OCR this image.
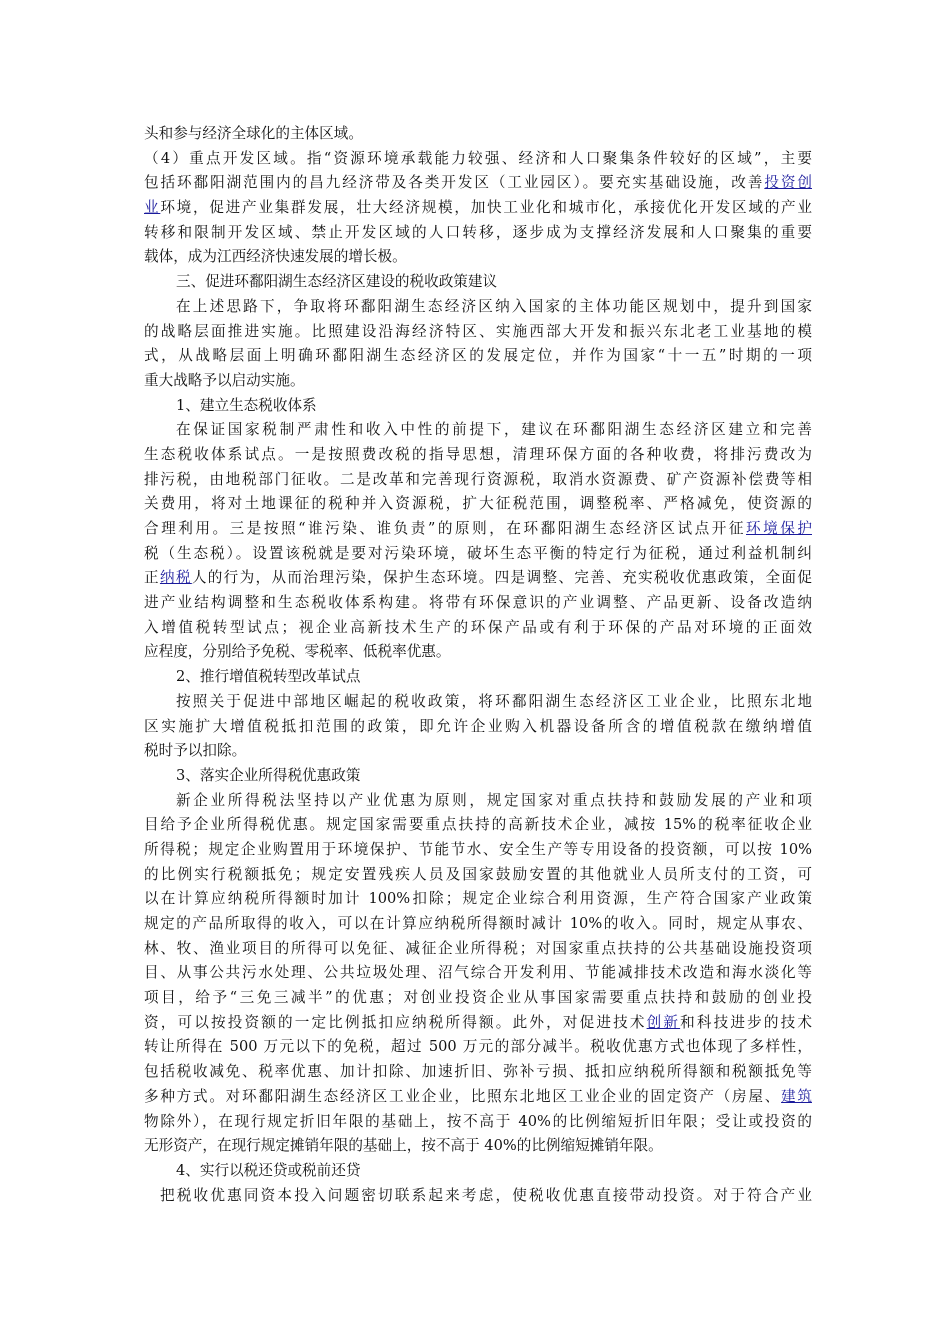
头和参与经济全球化的主体区域。
（4）重点开发区域。指“资源环境承载能力较强、经济和人口聚集条件较好的区域”，主要
包括环鄱阳湖范围内的昌九经济带及各类开发区（工业园区）。要充实基础设施，改善投资创
业环境，促进产业集群发展，壮大经济规模，加快工业化和城市化，承接优化开发区域的产业
转移和限制开发区域、禁止开发区域的人口转移，逐步成为支撑经济发展和人口聚集的重要
载体，成为江西经济快速发展的增长极。
三、促进环鄱阳湖生态经济区建设的税收政策建议
在上述思路下，争取将环鄱阳湖生态经济区纳入国家的主体功能区规划中，提升到国家
的战略层面推进实施。比照建设沿海经济特区、实施西部大开发和振兴东北老工业基地的模
式，从战略层面上明确环鄱阳湖生态经济区的发展定位，并作为国家“十一五”时期的一项
重大战略予以启动实施。
1、建立生态税收体系
在保证国家税制严肃性和收入中性的前提下，建议在环鄱阳湖生态经济区建立和完善
生态税收体系试点。一是按照费改税的指导思想，清理环保方面的各种收费，将排污费改为
排污税，由地税部门征收。二是改革和完善现行资源税，取消水资源费、矿产资源补偿费等相
关费用，将对土地课征的税种并入资源税，扩大征税范围，调整税率、严格减免，使资源的
合理利用。三是按照“谁污染、谁负责”的原则，在环鄱阳湖生态经济区试点开征环境保护
税（生态税）。设置该税就是要对污染环境，破坏生态平衡的特定行为征税，通过利益机制纠
正纳税人的行为，从而治理污染，保护生态环境。四是调整、完善、充实税收优惠政策，全面促
进产业结构调整和生态税收体系构建。将带有环保意识的产业调整、产品更新、设备改造纳
入增值税转型试点；视企业高新技术生产的环保产品或有利于环保的产品对环境的正面效
应程度，分别给予免税、零税率、低税率优惠。
2、推行增值税转型改革试点
按照关于促进中部地区崛起的税收政策，将环鄱阳湖生态经济区工业企业，比照东北地
区实施扩大增值税抵扣范围的政策，即允许企业购入机器设备所含的增值税款在缴纳增值
税时予以扣除。
3、落实企业所得税优惠政策
新企业所得税法坚持以产业优惠为原则，规定国家对重点扶持和鼓励发展的产业和项
目给予企业所得税优惠。规定国家需要重点扶持的高新技术企业，减按 15%的税率征收企业
所得税；规定企业购置用于环境保护、节能节水、安全生产等专用设备的投资额，可以按 10%
的比例实行税额抵免；规定安置残疾人员及国家鼓励安置的其他就业人员所支付的工资，可
以在计算应纳税所得额时加计 100%扣除；规定企业综合利用资源，生产符合国家产业政策
规定的产品所取得的收入，可以在计算应纳税所得额时减计 10%的收入。同时，规定从事农、
林、牧、渔业项目的所得可以免征、减征企业所得税；对国家重点扶持的公共基础设施投资项
目、从事公共污水处理、公共垃圾处理、沼气综合开发利用、节能减排技术改造和海水淡化等
项目，给予“三免三减半”的优惠；对创业投资企业从事国家需要重点扶持和鼓励的创业投
资，可以按投资额的一定比例抵扣应纳税所得额。此外，对促进技术创新和科技进步的技术
转让所得在 500 万元以下的免税，超过 500 万元的部分减半。税收优惠方式也体现了多样性，
包括税收减免、税率优惠、加计扣除、加速折旧、弥补亏损、抵扣应纳税所得额和税额抵免等
多种方式。对环鄱阳湖生态经济区工业企业，比照东北地区工业企业的固定资产（房屋、建筑
物除外），在现行规定折旧年限的基础上，按不高于 40%的比例缩短折旧年限；受让或投资的
无形资产，在现行规定摊销年限的基础上，按不高于 40%的比例缩短摊销年限。
4、实行以税还贷或税前还贷
把税收优惠同资本投入问题密切联系起来考虑，使税收优惠直接带动投资。对于符合产业
